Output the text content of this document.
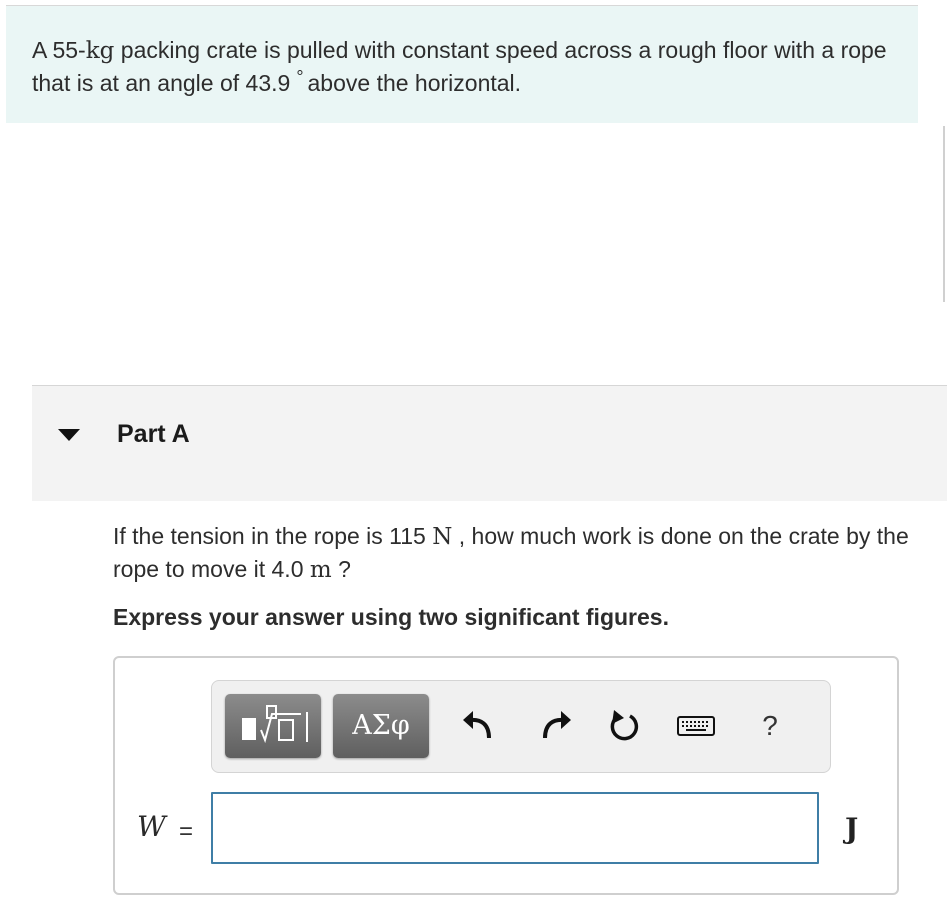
A 55-kg packing crate is pulled with constant speed across a rough floor with a rope that is at an angle of 43.9 ° above the horizontal.
Part A
If the tension in the rope is 115 N , how much work is done on the crate by the rope to move it 4.0 m ?
Express your answer using two significant figures.
ΑΣφ	?
W =	J
